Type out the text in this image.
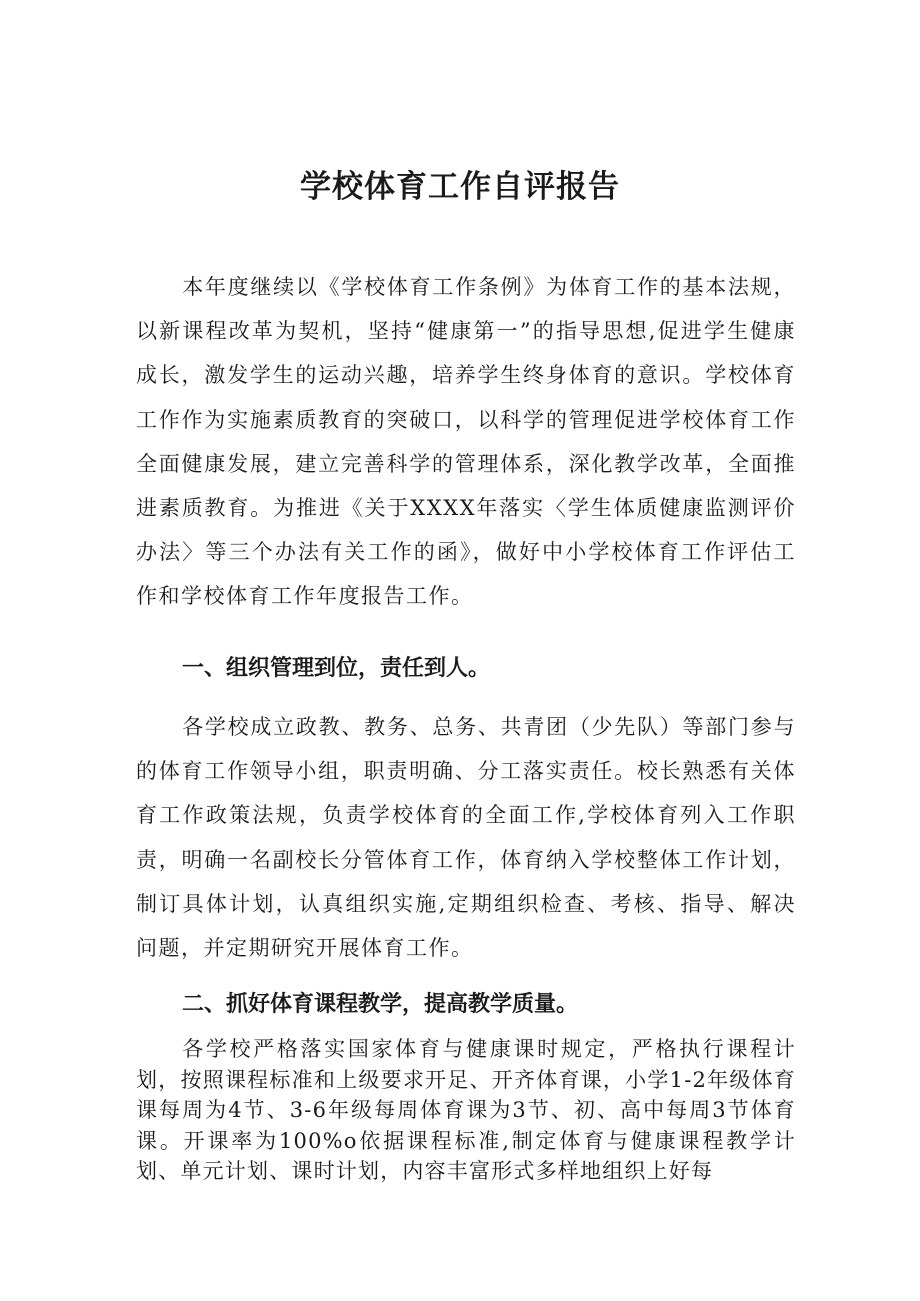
学校体育工作自评报告

本年度继续以《学校体育工作条例》为体育工作的基本法规，以新课程改革为契机，坚持“健康第一”的指导思想,促进学生健康成长，激发学生的运动兴趣，培养学生终身体育的意识。学校体育工作作为实施素质教育的突破口，以科学的管理促进学校体育工作全面健康发展，建立完善科学的管理体系，深化教学改革，全面推进素质教育。为推进《关于XXXX年落实〈学生体质健康监测评价办法〉等三个办法有关工作的函》，做好中小学校体育工作评估工作和学校体育工作年度报告工作。

一、组织管理到位，责任到人。

各学校成立政教、教务、总务、共青团（少先队）等部门参与的体育工作领导小组，职责明确、分工落实责任。校长熟悉有关体育工作政策法规，负责学校体育的全面工作,学校体育列入工作职责，明确一名副校长分管体育工作，体育纳入学校整体工作计划，制订具体计划，认真组织实施,定期组织检查、考核、指导、解决问题，并定期研究开展体育工作。

二、抓好体育课程教学，提高教学质量。

各学校严格落实国家体育与健康课时规定，严格执行课程计划，按照课程标准和上级要求开足、开齐体育课，小学1-2年级体育课每周为4节、3-6年级每周体育课为3节、初、高中每周3节体育课。开课率为100%o依据课程标准,制定体育与健康课程教学计划、单元计划、课时计划，内容丰富形式多样地组织上好每
